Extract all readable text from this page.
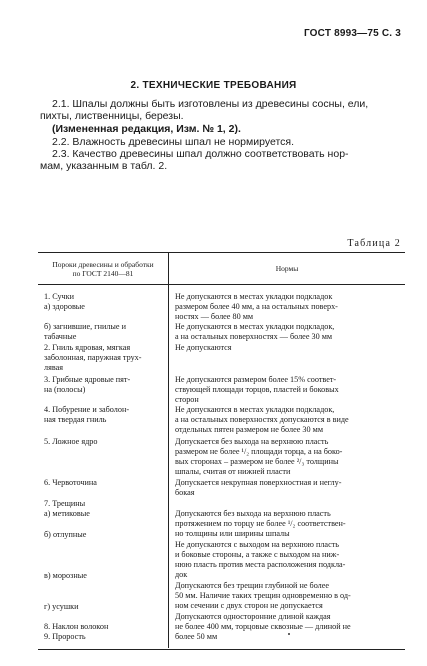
ГОСТ 8993—75 С. 3
2. ТЕХНИЧЕСКИЕ ТРЕБОВАНИЯ

2.1. Шпалы должны быть изготовлены из древесины сосны, ели,

пихты, лиственницы, березы.

(Измененная редакция, Изм. № 1, 2).

2.2. Влажность древесины шпал не нормируется.

2.3. Качество древесины шпал должно соответствовать нор-

мам, указанным в табл. 2.

Таблица 2
Пороки древесины и обработки
по ГОСТ 2140—81
Нормы
1. Сучки
а) здоровые
б) загнившие, гнилые и
табачные
2. Гниль ядровая, мягкая
заболонная, паружная трух-
лявая
3. Грибные ядровые пят-
на (полосы)
4. Побурение и заболон-
ная твердая гниль
5. Ложное ядро
6. Червоточина
7. Трещины
а) метиковые
б) отлупные
в) морозные
г) усушки
8. Наклон волокон
9. Прорость
Не допускаются в местах укладки подкладок
размером более 40 мм, а на остальных поверх-
ностях — более 80 мм
Не допускаются в местах укладки подкладок,
а на остальных поверхностях — более 30 мм
Не допускаются
Не допускаются размером более 15% соответ-
ствующей площади торцов, пластей и боковых
сторон
Не допускаются в местах укладки подкладок,
а на остальных поверхностях допускаются в виде
отдельных пятен размером не более 30 мм
Допускается без выхода на верхнюю пласть
размером не более ¹/₂ площади торца, а на боко-
вых сторонах – размером не более ²/₃ толщины
шпалы, считая от нижней пласти
Допускается некрупная поверхностная и неглу-
бокая
Допускаются без выхода на верхнюю пласть
протяжением по торцу не более ¹/₂ соответствен-
но толщины или ширины шпалы
Не допускаются с выходом на верхнюю пласть
и боковые стороны, а также с выходом на ниж-
нюю пласть против места расположения подкла-
док
Допускаются без трещин глубиной не более
50 мм. Наличие таких трещин одновременно в од-
ном сечении с двух сторон не допускается
Допускаются односторонние длиной каждая
не более 400 мм, торцовые сквозные — длиной не
более 50 мм
